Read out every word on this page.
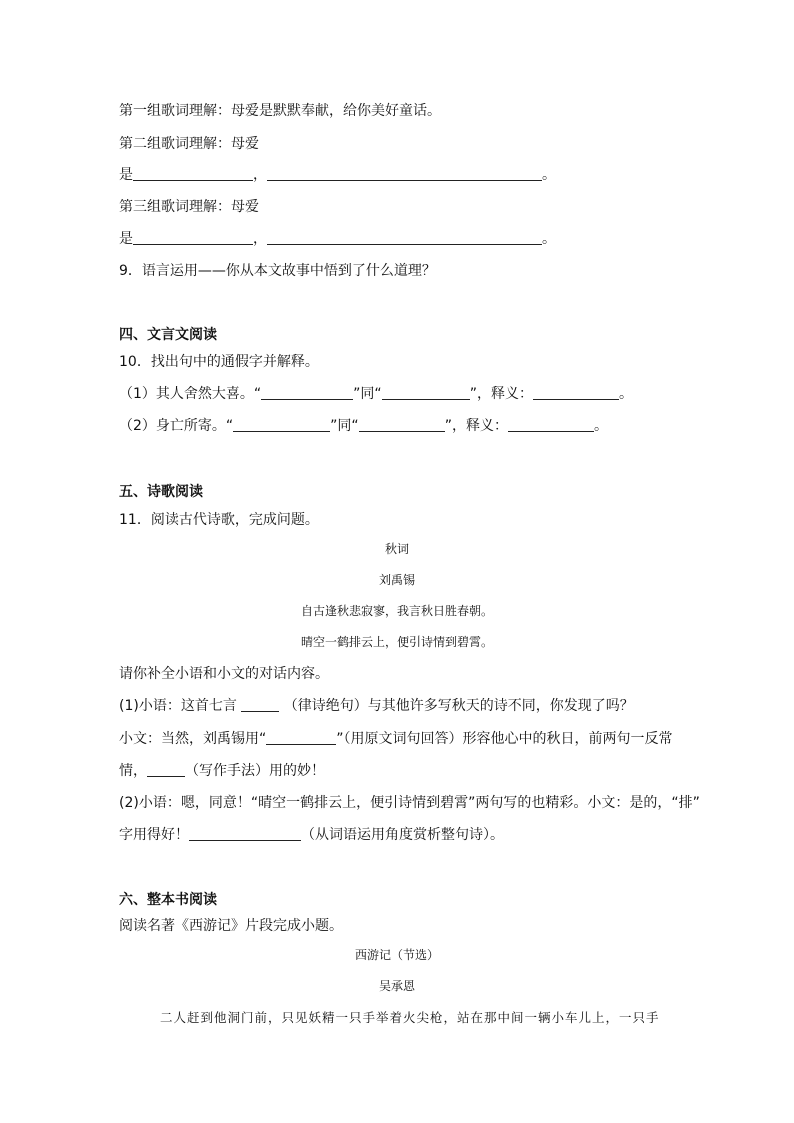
第一组歌词理解：母爱是默默奉献，给你美好童话。
第二组歌词理解：母爱
是	，	。
第三组歌词理解：母爱
是	，	。
9．语言运用——你从本文故事中悟到了什么道理？
四、文言文阅读
10．找出句中的通假字并解释。
（1）其人舍然大喜。“	”同“	”，释义：	。
（2）身亡所寄。“	”同“	”，释义：	。
五、诗歌阅读
11．阅读古代诗歌，完成问题。
秋词
刘禹锡
自古逢秋悲寂寥，我言秋日胜春朝。
晴空一鹤排云上，便引诗情到碧霄。
请你补全小语和小文的对话内容。
(1)小语：这首七言	（律诗绝句）与其他许多写秋天的诗不同，你发现了吗？
小文：当然，刘禹锡用“	”（用原文词句回答）形容他心中的秋日，前两句一反常
情，	（写作手法）用的妙！
(2)小语：嗯，同意！“晴空一鹤排云上，便引诗情到碧霄”两句写的也精彩。小文：是的，“排”
字用得好！	（从词语运用角度赏析整句诗）。
六、整本书阅读
阅读名著《西游记》片段完成小题。
西游记（节选）
吴承恩
二人赶到他洞门前，只见妖精一只手举着火尖枪，站在那中间一辆小车儿上，一只手
